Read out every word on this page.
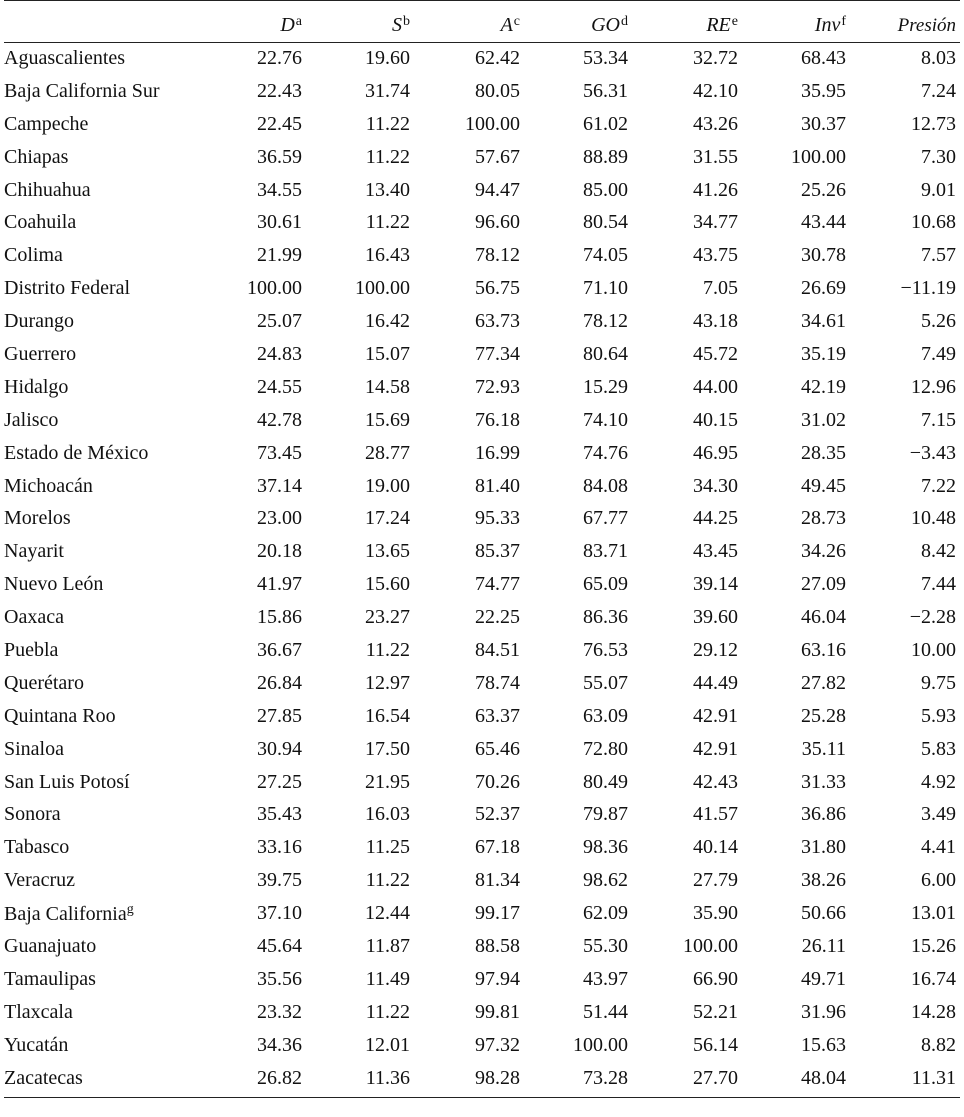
	$D^a$	$S^b$	$A^c$	$GO^d$	$RE^e$	Inv$^f$	Presión
Aguascalientes	22.76	19.60	62.42	53.34	32.72	68.43	8.03
Baja California Sur	22.43	31.74	80.05	56.31	42.10	35.95	7.24
Campeche	22.45	11.22	100.00	61.02	43.26	30.37	12.73
Chiapas	36.59	11.22	57.67	88.89	31.55	100.00	7.30
Chihuahua	34.55	13.40	94.47	85.00	41.26	25.26	9.01
Coahuila	30.61	11.22	96.60	80.54	34.77	43.44	10.68
Colima	21.99	16.43	78.12	74.05	43.75	30.78	7.57
Distrito Federal	100.00	100.00	56.75	71.10	7.05	26.69	−11.19
Durango	25.07	16.42	63.73	78.12	43.18	34.61	5.26
Guerrero	24.83	15.07	77.34	80.64	45.72	35.19	7.49
Hidalgo	24.55	14.58	72.93	15.29	44.00	42.19	12.96
Jalisco	42.78	15.69	76.18	74.10	40.15	31.02	7.15
Estado de México	73.45	28.77	16.99	74.76	46.95	28.35	−3.43
Michoacán	37.14	19.00	81.40	84.08	34.30	49.45	7.22
Morelos	23.00	17.24	95.33	67.77	44.25	28.73	10.48
Nayarit	20.18	13.65	85.37	83.71	43.45	34.26	8.42
Nuevo León	41.97	15.60	74.77	65.09	39.14	27.09	7.44
Oaxaca	15.86	23.27	22.25	86.36	39.60	46.04	−2.28
Puebla	36.67	11.22	84.51	76.53	29.12	63.16	10.00
Querétaro	26.84	12.97	78.74	55.07	44.49	27.82	9.75
Quintana Roo	27.85	16.54	63.37	63.09	42.91	25.28	5.93
Sinaloa	30.94	17.50	65.46	72.80	42.91	35.11	5.83
San Luis Potosí	27.25	21.95	70.26	80.49	42.43	31.33	4.92
Sonora	35.43	16.03	52.37	79.87	41.57	36.86	3.49
Tabasco	33.16	11.25	67.18	98.36	40.14	31.80	4.41
Veracruz	39.75	11.22	81.34	98.62	27.79	38.26	6.00
Baja California$^g$	37.10	12.44	99.17	62.09	35.90	50.66	13.01
Guanajuato	45.64	11.87	88.58	55.30	100.00	26.11	15.26
Tamaulipas	35.56	11.49	97.94	43.97	66.90	49.71	16.74
Tlaxcala	23.32	11.22	99.81	51.44	52.21	31.96	14.28
Yucatán	34.36	12.01	97.32	100.00	56.14	15.63	8.82
Zacatecas	26.82	11.36	98.28	73.28	27.70	48.04	11.31
